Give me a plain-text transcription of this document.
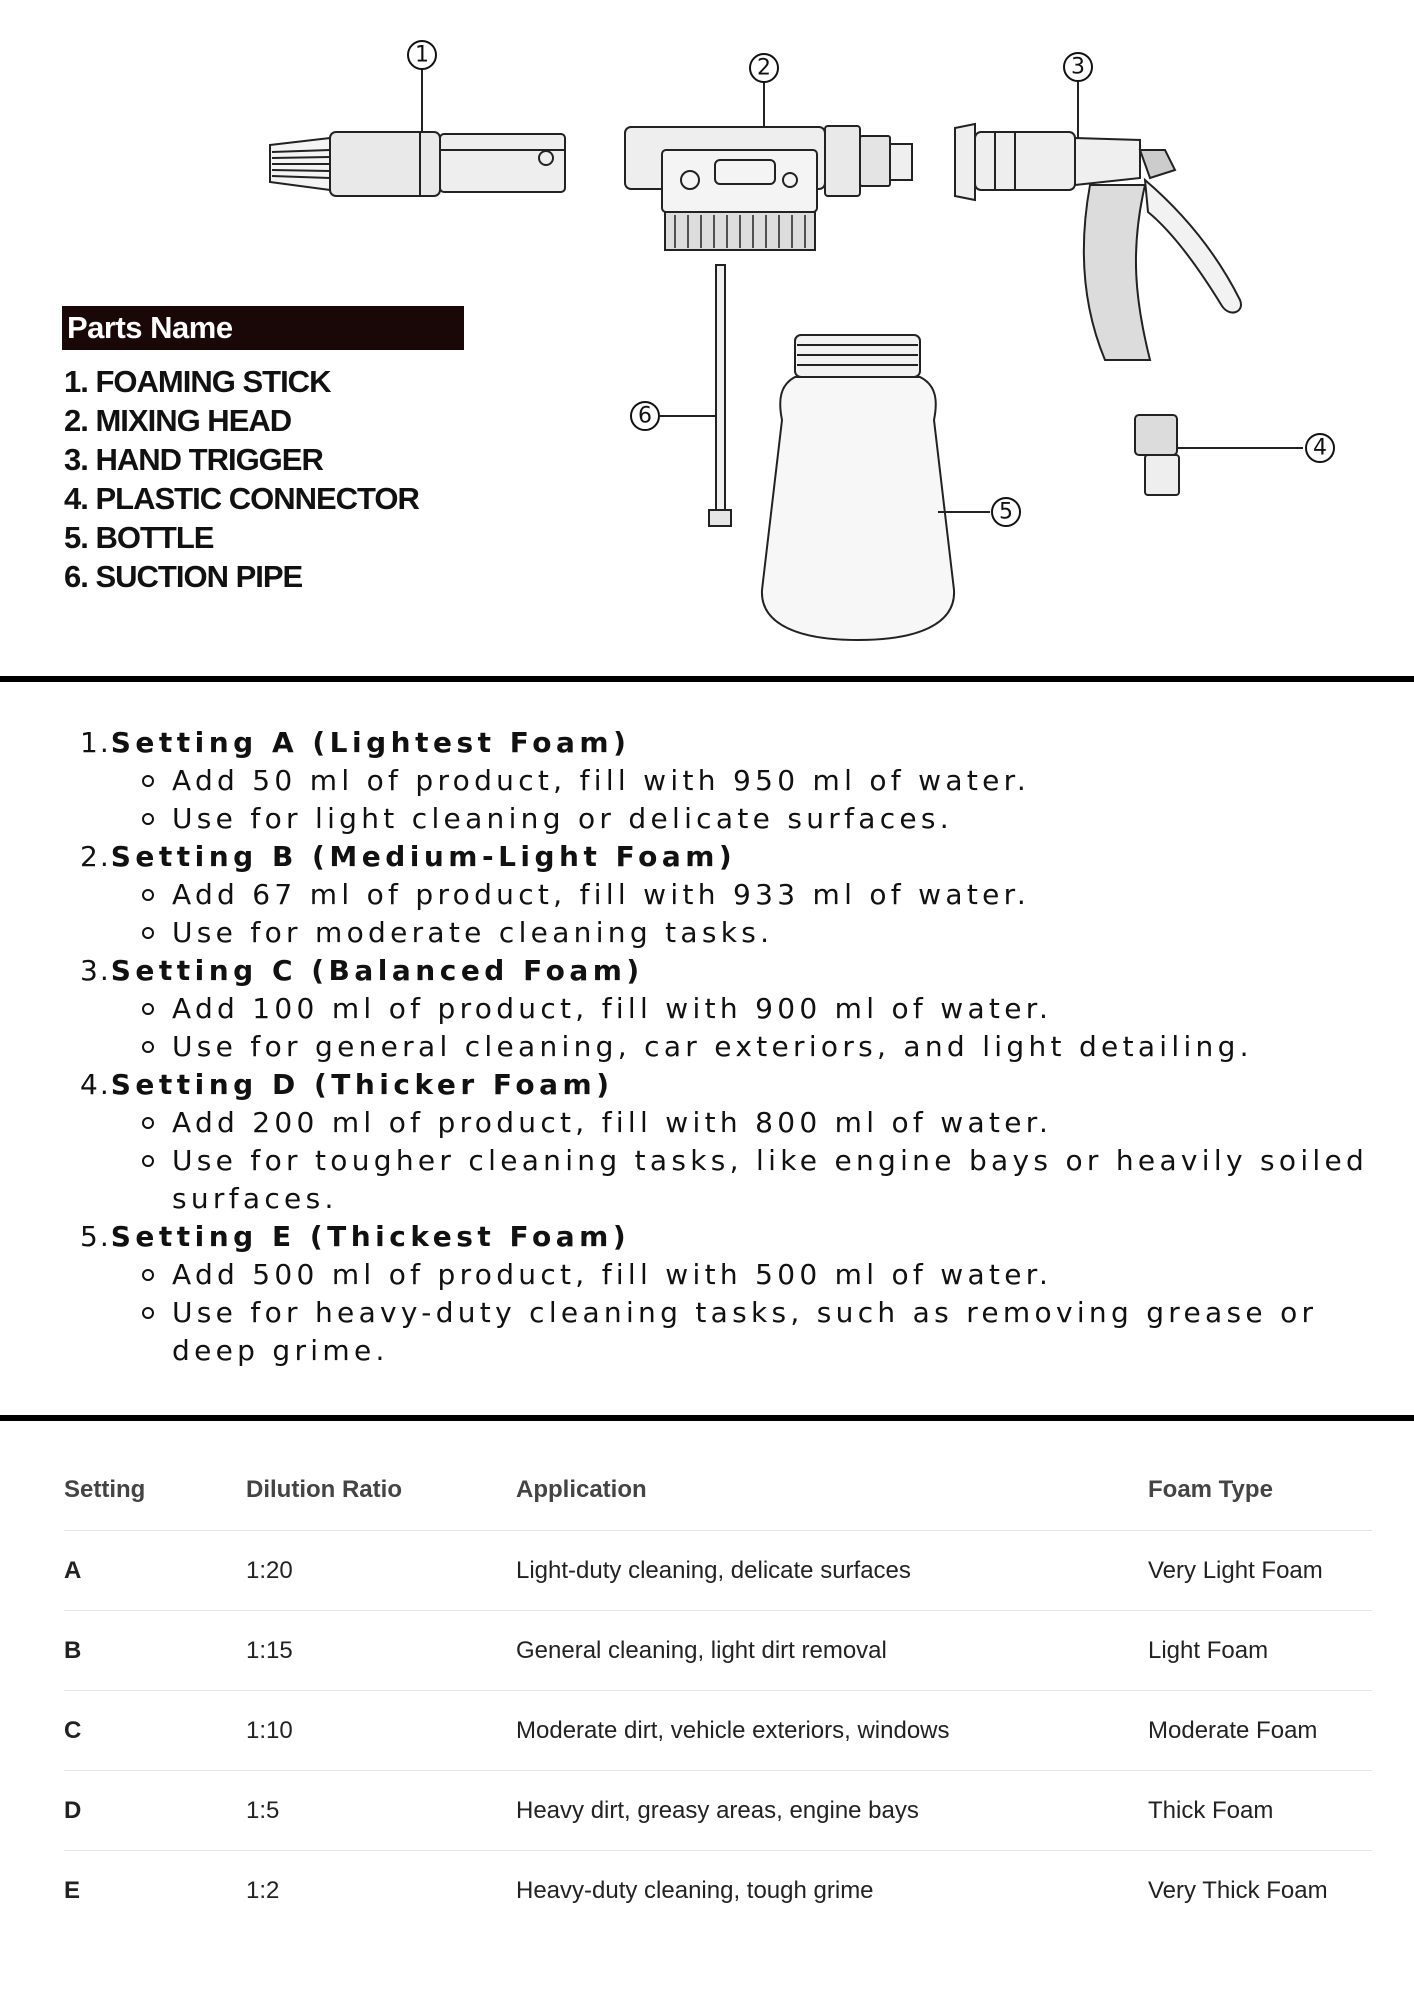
1
2	3
4
5
6
Parts Name
1. FOAMING STICK
2. MIXING HEAD
3. HAND TRIGGER
4. PLASTIC CONNECTOR
5. BOTTLE
6. SUCTION PIPE
1.Setting A (Lightest Foam)
Add 50 ml of product, fill with 950 ml of water.
Use for light cleaning or delicate surfaces.
2.Setting B (Medium-Light Foam)
Add 67 ml of product, fill with 933 ml of water.
Use for moderate cleaning tasks.
3.Setting C (Balanced Foam)
Add 100 ml of product, fill with 900 ml of water.
Use for general cleaning, car exteriors, and light detailing.
4.Setting D (Thicker Foam)
Add 200 ml of product, fill with 800 ml of water.
Use for tougher cleaning tasks, like engine bays or heavily soiled surfaces.
5.Setting E (Thickest Foam)
Add 500 ml of product, fill with 500 ml of water.
Use for heavy-duty cleaning tasks, such as removing grease or deep grime.
Setting	Dilution Ratio	Application	Foam Type
A	1:20	Light-duty cleaning, delicate surfaces	Very Light Foam
B	1:15	General cleaning, light dirt removal	Light Foam
C	1:10	Moderate dirt, vehicle exteriors, windows	Moderate Foam
D	1:5	Heavy dirt, greasy areas, engine bays	Thick Foam
E	1:2	Heavy-duty cleaning, tough grime	Very Thick Foam
